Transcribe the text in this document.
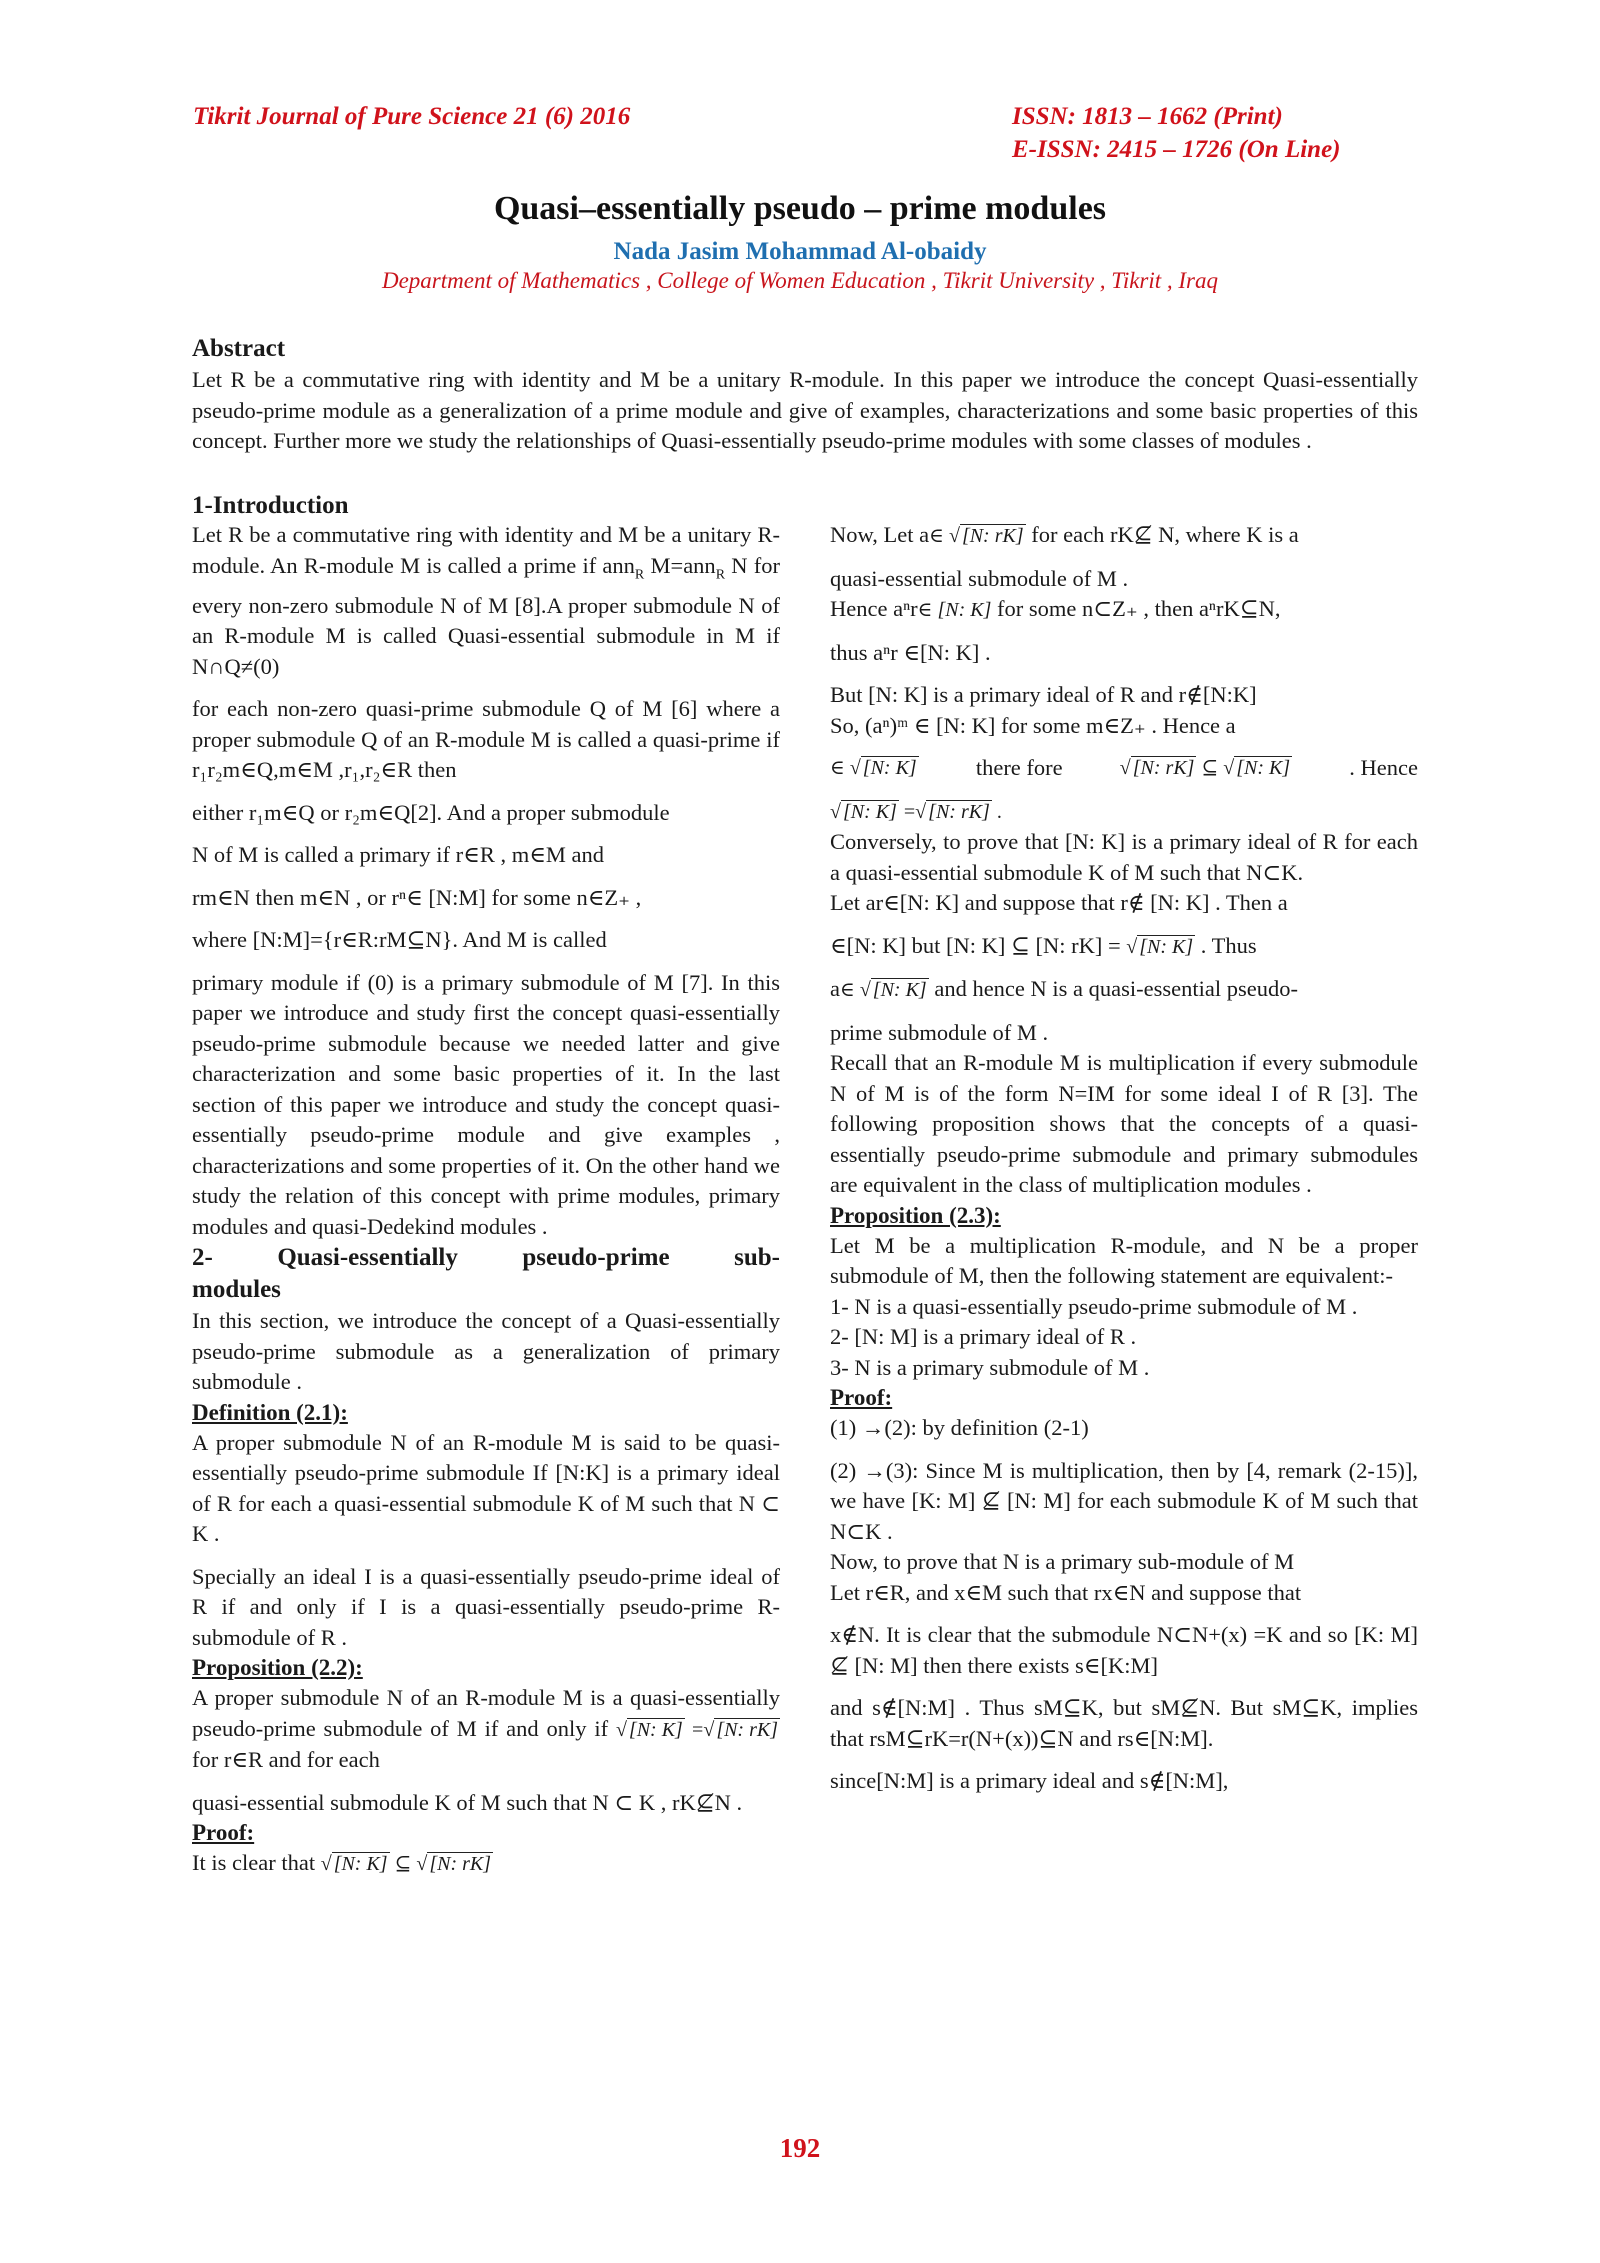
Tikrit Journal of Pure Science 21 (6) 2016	ISSN: 1813 – 1662 (Print)
E-ISSN: 2415 – 1726 (On Line)
Quasi–essentially pseudo – prime modules
Nada Jasim Mohammad Al-obaidy
Department of Mathematics , College of Women Education , Tikrit University , Tikrit , Iraq
Abstract

Let R be a commutative ring with identity and M be a unitary R-module. In this paper we introduce the concept Quasi-essentially pseudo-prime module as a generalization of a prime module and give of examples, characterizations and some basic properties of this concept. Further more we study the relationships of Quasi-essentially pseudo-prime modules with some classes of modules .

1-Introduction

Let R be a commutative ring with identity and M be a unitary R-module. An R-module M is called a prime if ann$_R$ M=ann$_R$ N for every non-zero submodule N of M [8].A proper submodule N of an R-module M is called Quasi-essential submodule in M if N∩Q≠(0)

for each non-zero quasi-prime submodule Q of M [6] where a proper submodule Q of an R-module M is called a quasi-prime if r₁r₂m∈Q,m∈M ,r₁,r₂∈R then

either r₁m∈Q or r₂m∈Q[2]. And a proper submodule

N of M is called a primary if r∈R , m∈M and

rm∈N then m∈N , or rⁿ∈ [N:M] for some n∈Z₊ ,

where [N:M]={r∈R:rM⊆N}. And M is called

primary module if (0) is a primary submodule of M [7]. In this paper we introduce and study first the concept quasi-essentially pseudo-prime submodule because we needed latter and give characterization and some basic properties of it. In the last section of this paper we introduce and study the concept quasi-essentially pseudo-prime module and give examples , characterizations and some properties of it. On the other hand we study the relation of this concept with prime modules, primary modules and quasi-Dedekind modules .

2-	Quasi-essentially	pseudo-prime	sub-
modules

In this section, we introduce the concept of a Quasi-essentially pseudo-prime submodule as a generalization of primary submodule .

Definition (2.1):

A proper submodule N of an R-module M is said to be quasi-essentially pseudo-prime submodule If [N:K] is a primary ideal of R for each a quasi-essential submodule K of M such that N ⊂ K .

Specially an ideal I is a quasi-essentially pseudo-prime ideal of R if and only if I is a quasi-essentially pseudo-prime R-submodule of R .

Proposition (2.2):

A proper submodule N of an R-module M is a quasi-essentially pseudo-prime submodule of M if and only if √ [N: K] =√ [N: rK] for r∈R and for each

quasi-essential submodule K of M such that N ⊂ K , rK⊈N .

Proof:

It is clear that √ [N: K] ⊆ √ [N: rK]

Now, Let a∈ √ [N: rK] for each rK⊈ N, where K is a

quasi-essential submodule of M .

Hence aⁿr∈ [N: K] for some n⊂Z₊ , then aⁿrK⊆N,

thus aⁿr ∈[N: K] .

But [N: K] is a primary ideal of R and r∉[N:K]

So, (aⁿ)ᵐ ∈ [N: K] for some m∈Z₊ . Hence a

∈ √ [N: K]	there fore	√ [N: rK] ⊆ √ [N: K]	. Hence

√ [N: K] =√ [N: rK] .

Conversely, to prove that [N: K] is a primary ideal of R for each a quasi-essential submodule K of M such that N⊂K.

Let ar∈[N: K] and suppose that r∉ [N: K] . Then a

∈[N: K] but [N: K] ⊆ [N: rK] = √ [N: K] . Thus

a∈ √ [N: K] and hence N is a quasi-essential pseudo-

prime submodule of M .

Recall that an R-module M is multiplication if every submodule N of M is of the form N=IM for some ideal I of R [3]. The following proposition shows that the concepts of a quasi-essentially pseudo-prime submodule and primary submodules are equivalent in the class of multiplication modules .

Proposition (2.3):

Let M be a multiplication R-module, and N be a proper submodule of M, then the following statement are equivalent:-

1- N is a quasi-essentially pseudo-prime submodule of M .

2- [N: M] is a primary ideal of R .

3- N is a primary submodule of M .

Proof:

(1) →(2): by definition (2-1)

(2) →(3): Since M is multiplication, then by [4, remark (2-15)], we have [K: M] ⊈ [N: M] for each submodule K of M such that N⊂K .

Now, to prove that N is a primary sub-module of M

Let r∈R, and x∈M such that rx∈N and suppose that

x∉N. It is clear that the submodule N⊂N+(x) =K and so [K: M] ⊈ [N: M] then there exists s∈[K:M]

and s∉[N:M] . Thus sM⊆K, but sM⊈N. But sM⊆K, implies that rsM⊆rK=r(N+(x))⊆N and rs∈[N:M].

since[N:M] is a primary ideal and s∉[N:M],

192
